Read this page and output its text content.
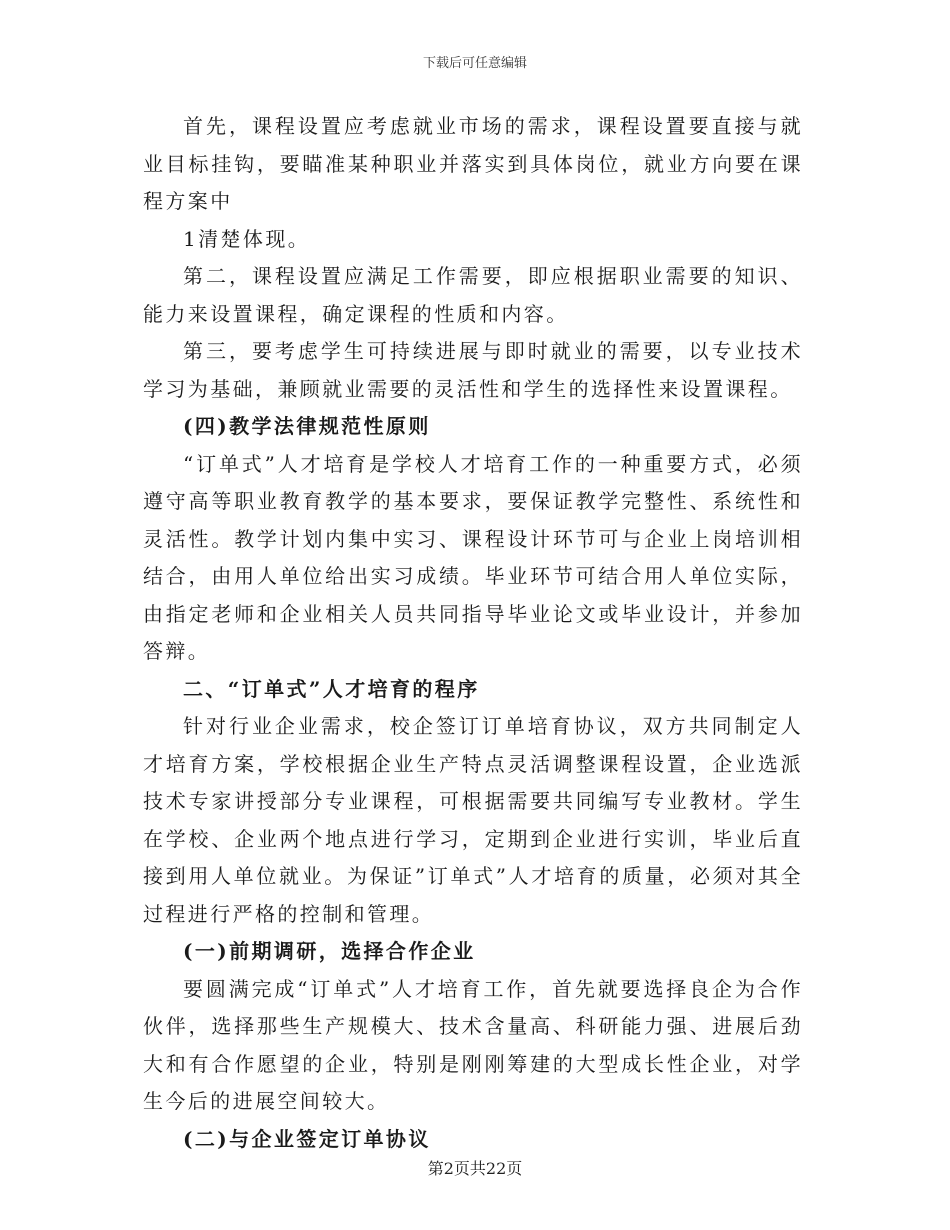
下载后可任意编辑

首先，课程设置应考虑就业市场的需求，课程设置要直接与就业目标挂钩，要瞄准某种职业并落实到具体岗位，就业方向要在课程方案中

1清楚体现。

第二，课程设置应满足工作需要，即应根据职业需要的知识、能力来设置课程，确定课程的性质和内容。

第三，要考虑学生可持续进展与即时就业的需要，以专业技术学习为基础，兼顾就业需要的灵活性和学生的选择性来设置课程。

(四)教学法律规范性原则

“订单式”人才培育是学校人才培育工作的一种重要方式，必须遵守高等职业教育教学的基本要求，要保证教学完整性、系统性和灵活性。教学计划内集中实习、课程设计环节可与企业上岗培训相结合，由用人单位给出实习成绩。毕业环节可结合用人单位实际，由指定老师和企业相关人员共同指导毕业论文或毕业设计，并参加答辩。

二、“订单式”人才培育的程序

针对行业企业需求，校企签订订单培育协议，双方共同制定人才培育方案，学校根据企业生产特点灵活调整课程设置，企业选派技术专家讲授部分专业课程，可根据需要共同编写专业教材。学生在学校、企业两个地点进行学习，定期到企业进行实训，毕业后直接到用人单位就业。为保证”订单式”人才培育的质量，必须对其全过程进行严格的控制和管理。

(一)前期调研，选择合作企业

要圆满完成“订单式”人才培育工作，首先就要选择良企为合作伙伴，选择那些生产规模大、技术含量高、科研能力强、进展后劲大和有合作愿望的企业，特别是刚刚筹建的大型成长性企业，对学生今后的进展空间较大。

(二)与企业签定订单协议

第2页共22页
